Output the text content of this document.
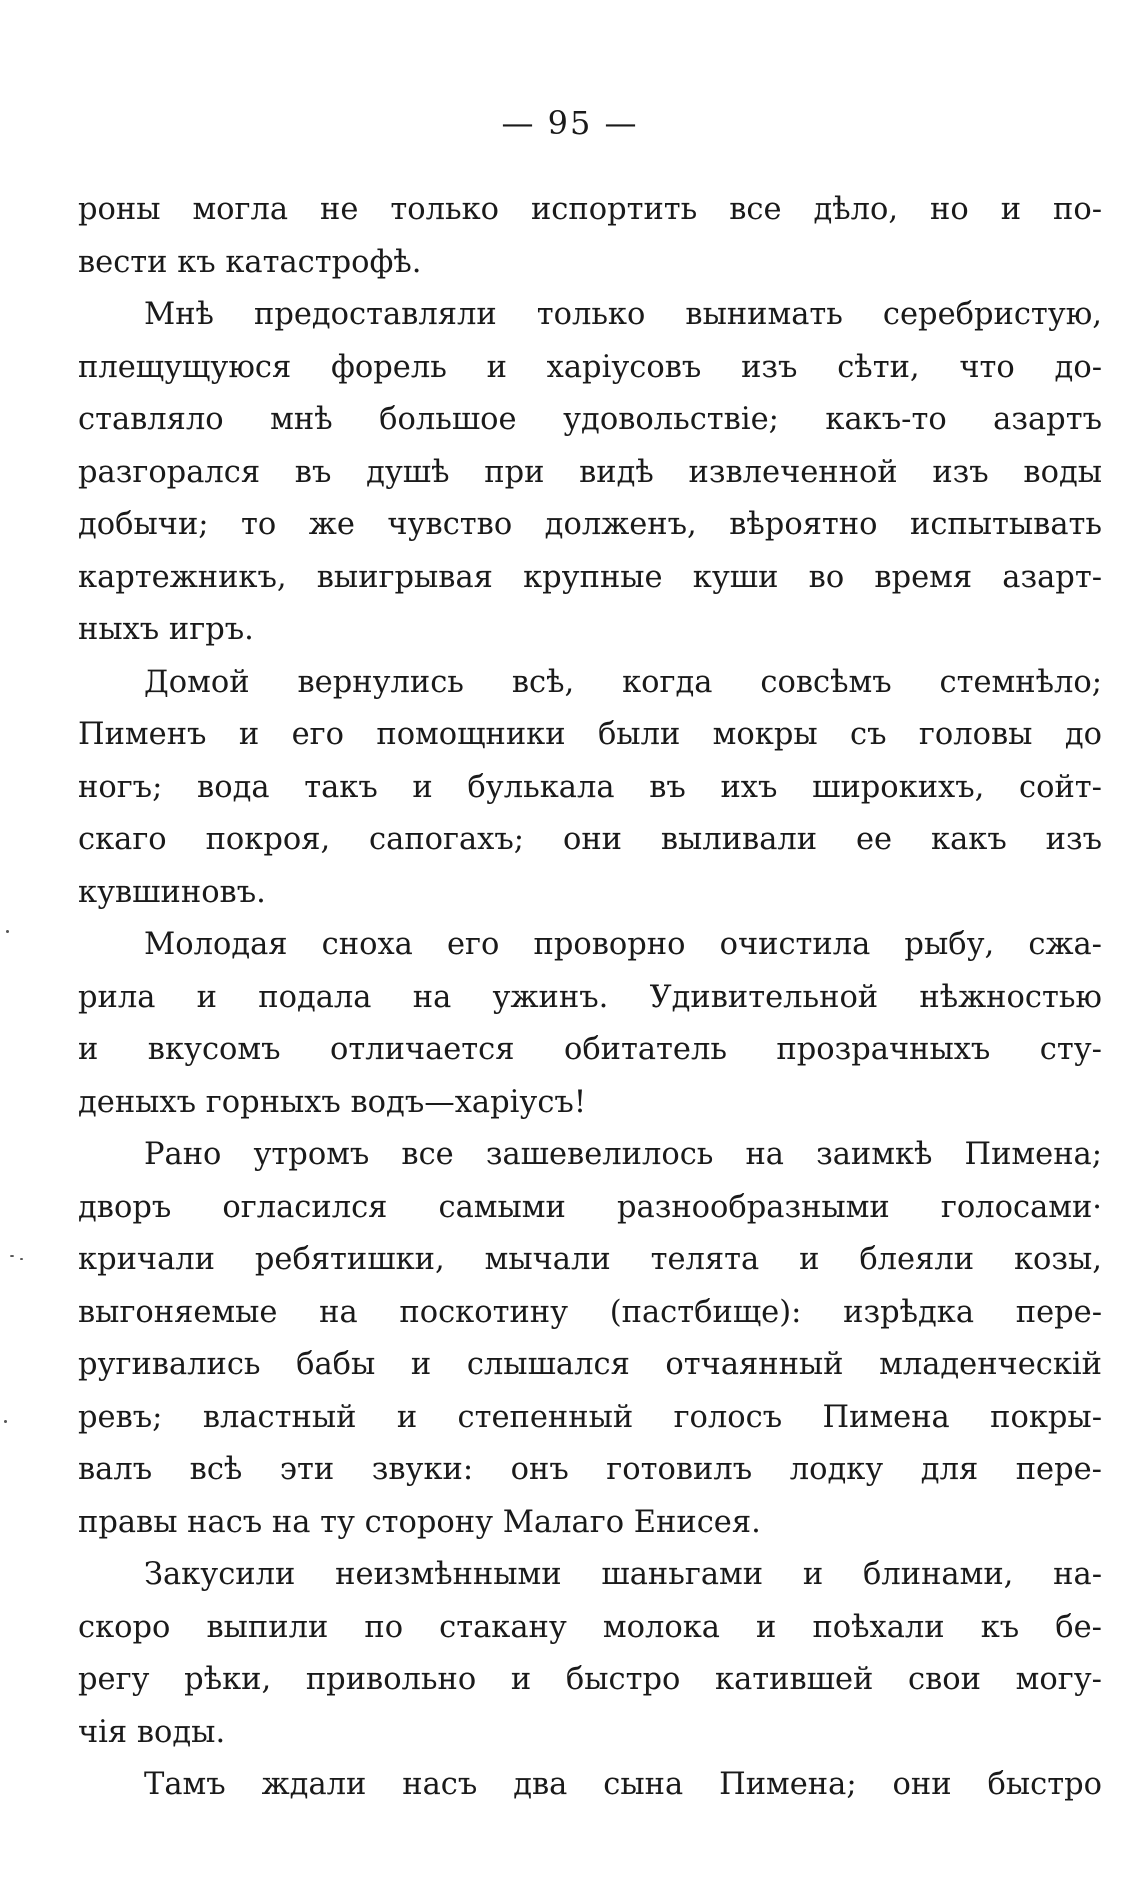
— 95 —

роны могла не только испортить все дѣло, но и по-
вести къ катастрофѣ.

Мнѣ предоставляли только вынимать серебристую,
плещущуюся форель и харіусовъ изъ сѣти, что до-
ставляло мнѣ большое удовольствіе; какъ-то азартъ
разгорался въ душѣ при видѣ извлеченной изъ воды
добычи; то же чувство долженъ, вѣроятно испытывать
картежникъ, выигрывая крупные куши во время азарт-
ныхъ игръ.

Домой вернулись всѣ, когда совсѣмъ стемнѣло;
Пименъ и его помощники были мокры съ головы до
ногъ; вода такъ и булькала въ ихъ широкихъ, сойт-
скаго покроя, сапогахъ; они выливали ее какъ изъ
кувшиновъ.

Молодая сноха его проворно очистила рыбу, сжа-
рила и подала на ужинъ. Удивительной нѣжностью
и вкусомъ отличается обитатель прозрачныхъ сту-
деныхъ горныхъ водъ—харіусъ!

Рано утромъ все зашевелилось на заимкѣ Пимена;
дворъ огласился самыми разнообразными голосами·
кричали ребятишки, мычали телята и блеяли козы,
выгоняемые на поскотину (пастбище): изрѣдка пере-
ругивались бабы и слышался отчаянный младенческій
ревъ; властный и степенный голосъ Пимена покры-
валъ всѣ эти звуки: онъ готовилъ лодку для пере-
правы насъ на ту сторону Малаго Енисея.

Закусили неизмѣнными шаньгами и блинами, на-
скоро выпили по стакану молока и поѣхали къ бе-
регу рѣки, привольно и быстро катившей свои могу-
чія воды.

Тамъ ждали насъ два сына Пимена; они быстро
